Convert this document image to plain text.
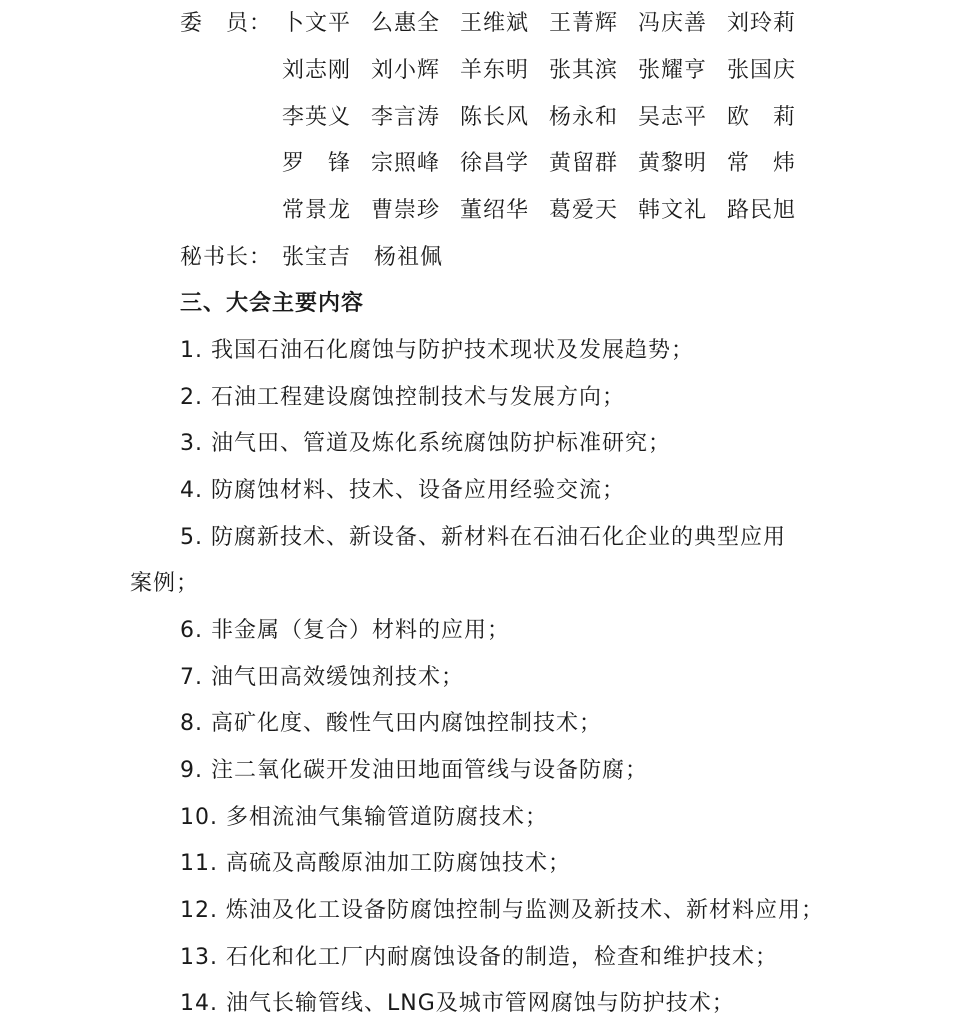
委　员： 卜文平 么惠全 王维斌 王菁辉 冯庆善 刘玲莉
刘志刚 刘小辉 羊东明 张其滨 张耀亨 张国庆
李英义 李言涛 陈长风 杨永和 吴志平 欧　莉
罗　锋 宗照峰 徐昌学 黄留群 黄黎明 常　炜
常景龙 曹崇珍 董绍华 葛爱天 韩文礼 路民旭
秘书长： 张宝吉　杨祖佩
三、大会主要内容
1. 我国石油石化腐蚀与防护技术现状及发展趋势；
2. 石油工程建设腐蚀控制技术与发展方向；
3. 油气田、管道及炼化系统腐蚀防护标准研究；
4. 防腐蚀材料、技术、设备应用经验交流；
5. 防腐新技术、新设备、新材料在石油石化企业的典型应用
案例；
6. 非金属（复合）材料的应用；
7. 油气田高效缓蚀剂技术；
8. 高矿化度、酸性气田内腐蚀控制技术；
9. 注二氧化碳开发油田地面管线与设备防腐；
10. 多相流油气集输管道防腐技术；
11. 高硫及高酸原油加工防腐蚀技术；
12. 炼油及化工设备防腐蚀控制与监测及新技术、新材料应用；
13. 石化和化工厂内耐腐蚀设备的制造，检查和维护技术；
14. 油气长输管线、LNG及城市管网腐蚀与防护技术；
